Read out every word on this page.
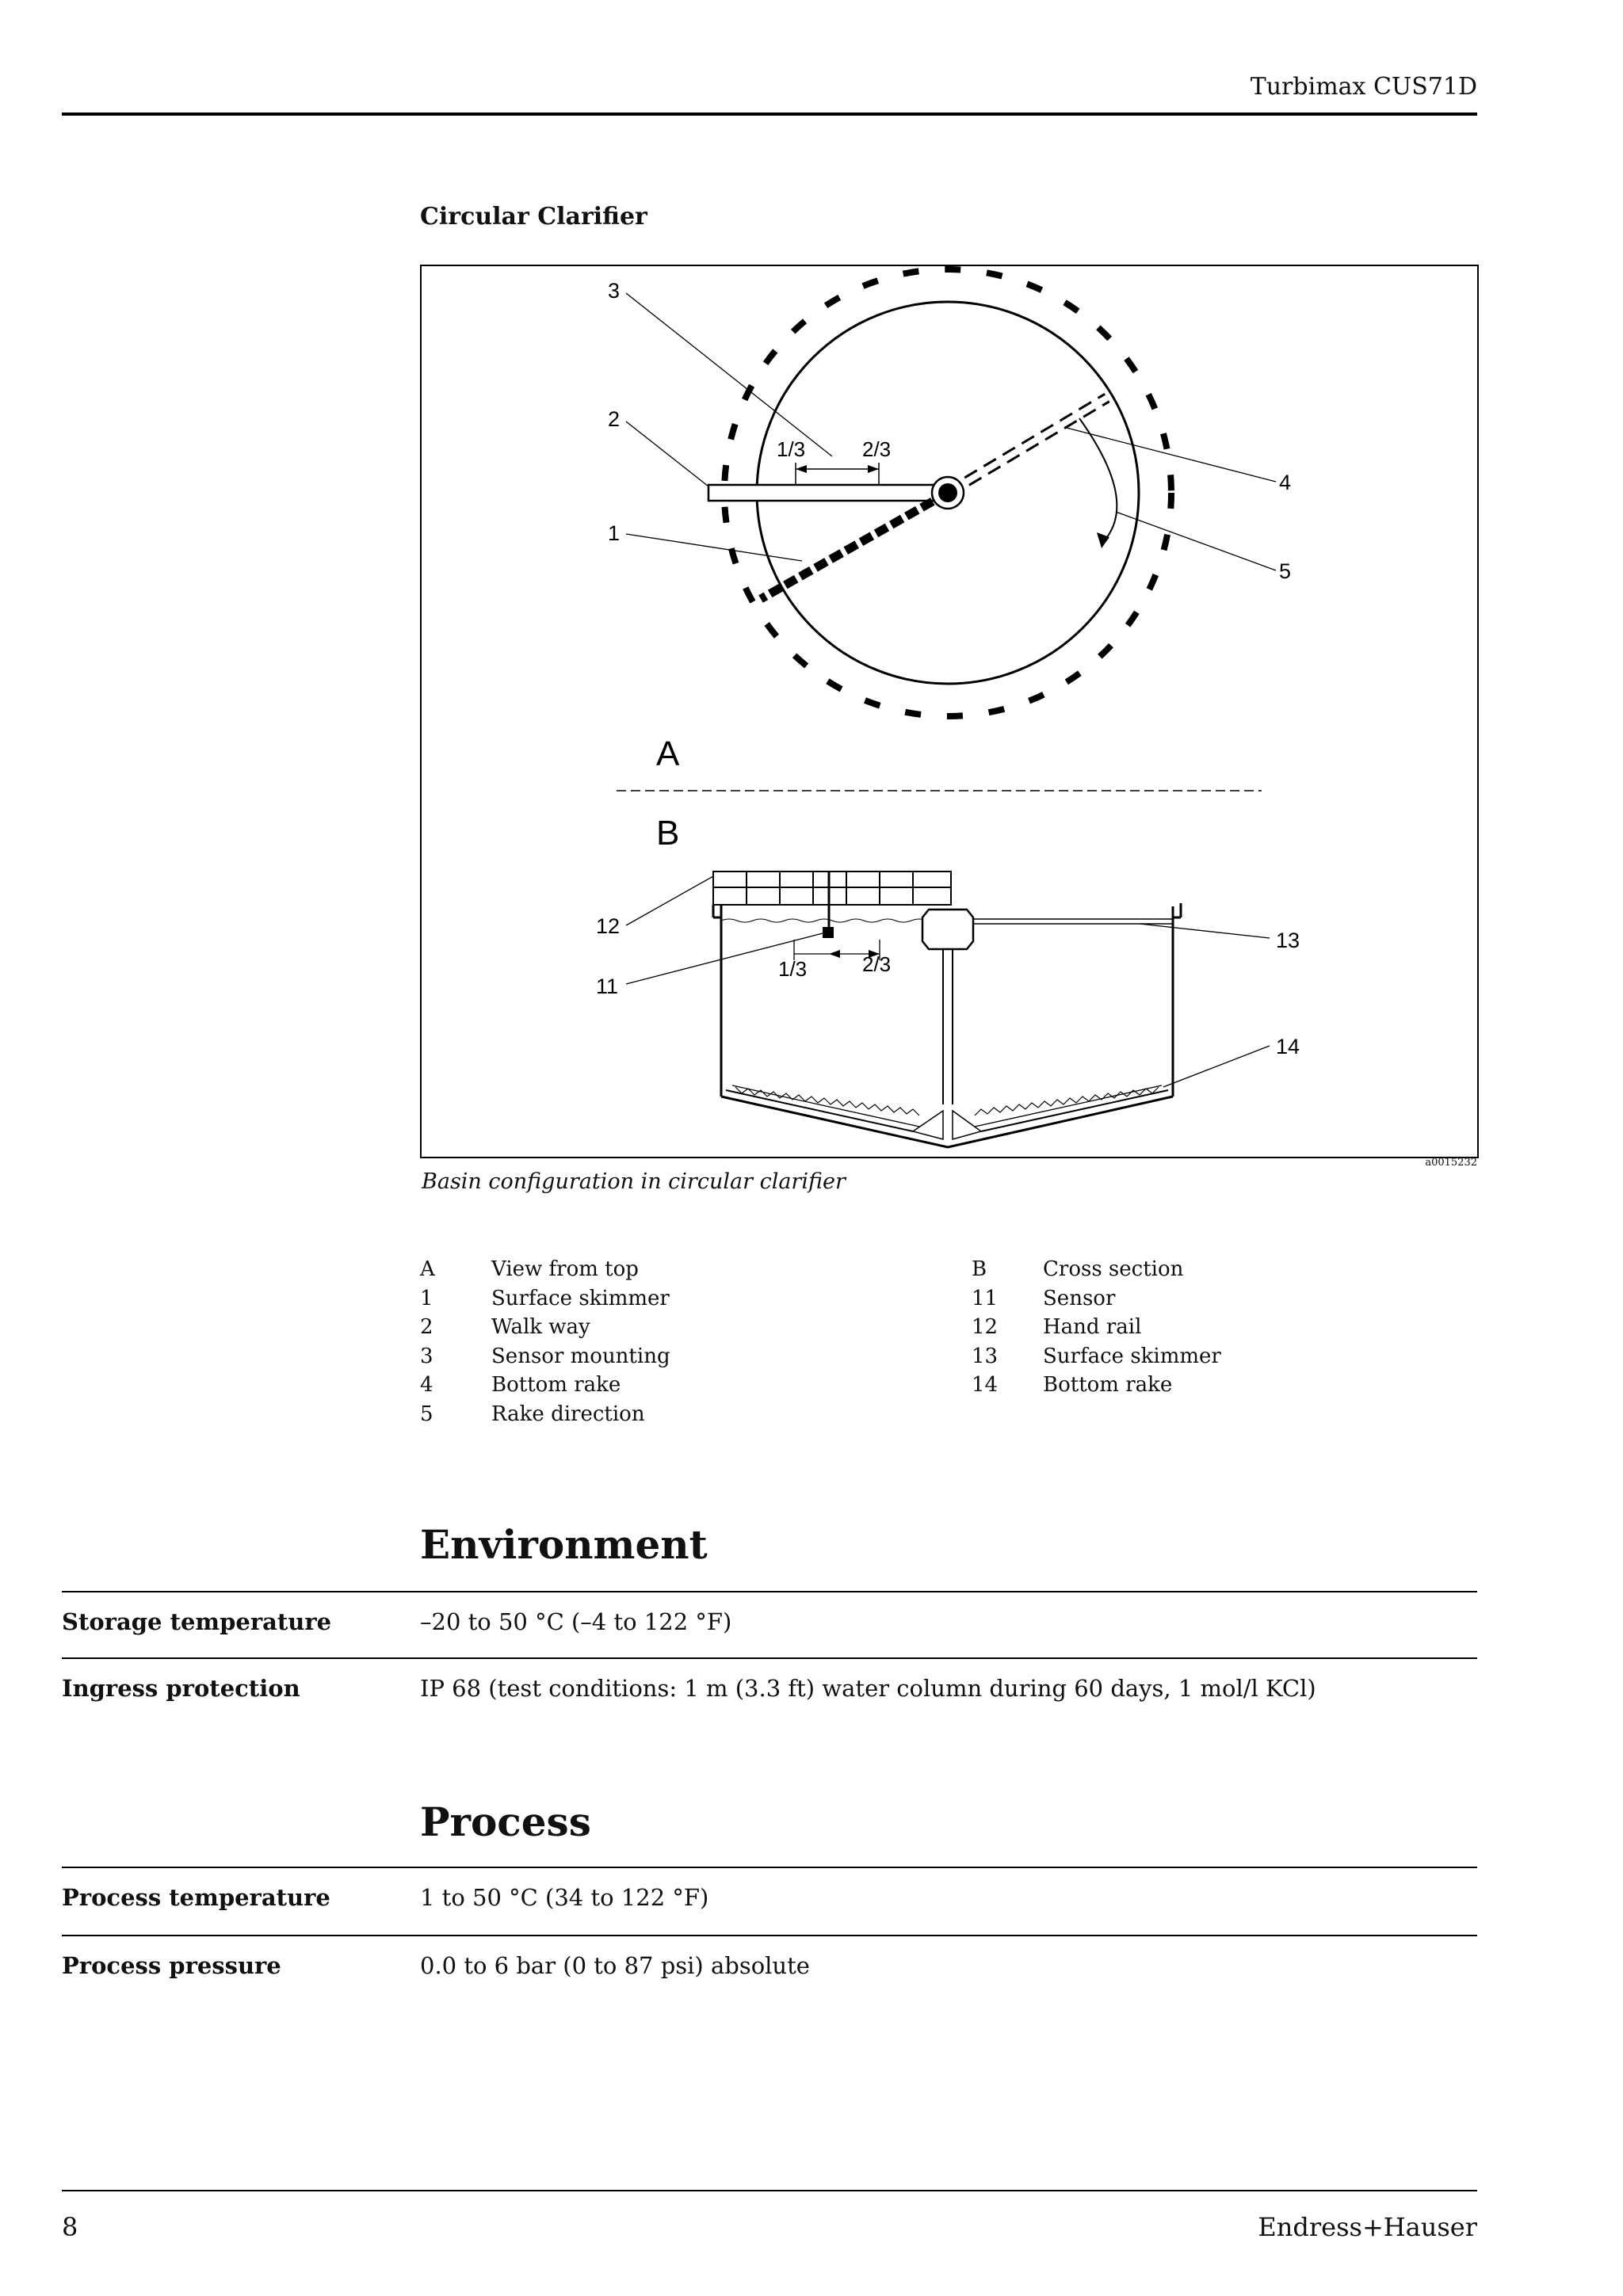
Turbimax CUS71D
Circular Clarifier
3
2
1
4
5
1/3	2/3
A
B
12
11
13
14
1/3	2/3
a0015232
Basin configuration in circular clarifier
A	View from top
1	Surface skimmer
2	Walk way
3	Sensor mounting
4	Bottom rake
5	Rake direction
B	Cross section
11 Sensor
12 Hand rail
13 Surface skimmer
14 Bottom rake
Environment
Storage temperature	–20 to 50 °C (–4 to 122 °F)
Ingress protection	IP 68 (test conditions: 1 m (3.3 ft) water column during 60 days, 1 mol/l KCl)
Process
Process temperature	1 to 50 °C (34 to 122 °F)
Process pressure	0.0 to 6 bar (0 to 87 psi) absolute
8	Endress+Hauser
